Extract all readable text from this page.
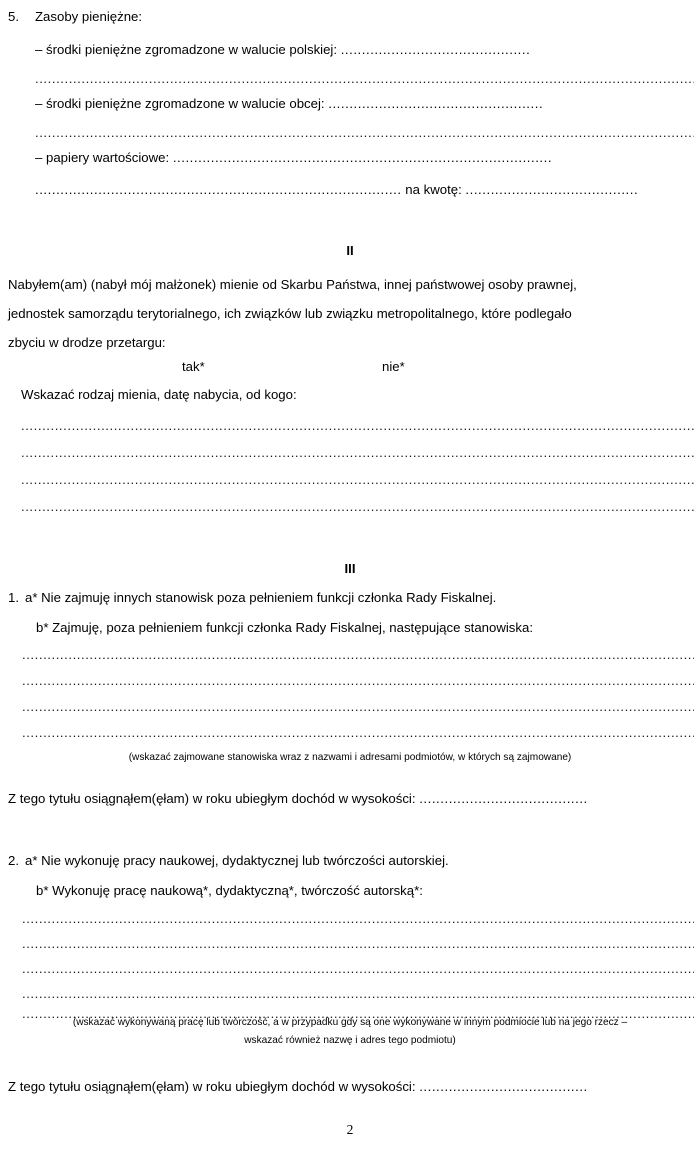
5. Zasoby pieniężne:
– środki pieniężne zgromadzone w walucie polskiej: .............................................
.....
– środki pieniężne zgromadzone w walucie obcej: ...................................................
.....
– papiery wartościowe: ..........................................................................................
....................................................................................... na kwotę: .........................................
II
Nabyłem(am) (nabył mój małżonek) mienie od Skarbu Państwa, innej państwowej osoby prawnej,
jednostek samorządu terytorialnego, ich związków lub związku metropolitalnego, które podlegało
zbyciu w drodze przetargu:
tak*	nie*
Wskazać rodzaj mienia, datę nabycia, od kogo:
.....
.....
.....
.....
III
1. a* Nie zajmuję innych stanowisk poza pełnieniem funkcji członka Rady Fiskalnej.
b* Zajmuję, poza pełnieniem funkcji członka Rady Fiskalnej, następujące stanowiska:
.....
.....
.....
.....
(wskazać zajmowane stanowiska wraz z nazwami i adresami podmiotów, w których są zajmowane)
Z tego tytułu osiągnąłem(ęłam) w roku ubiegłym dochód w wysokości: ........................................
2. a* Nie wykonuję pracy naukowej, dydaktycznej lub twórczości autorskiej.
b* Wykonuję pracę naukową*, dydaktyczną*, twórczość autorską*:
.....
.....
.....
.....
.....
(wskazać wykonywaną pracę lub twórczość, a w przypadku gdy są one wykonywane w innym podmiocie lub na jego rzecz –
wskazać również nazwę i adres tego podmiotu)
Z tego tytułu osiągnąłem(ęłam) w roku ubiegłym dochód w wysokości: ........................................
2
